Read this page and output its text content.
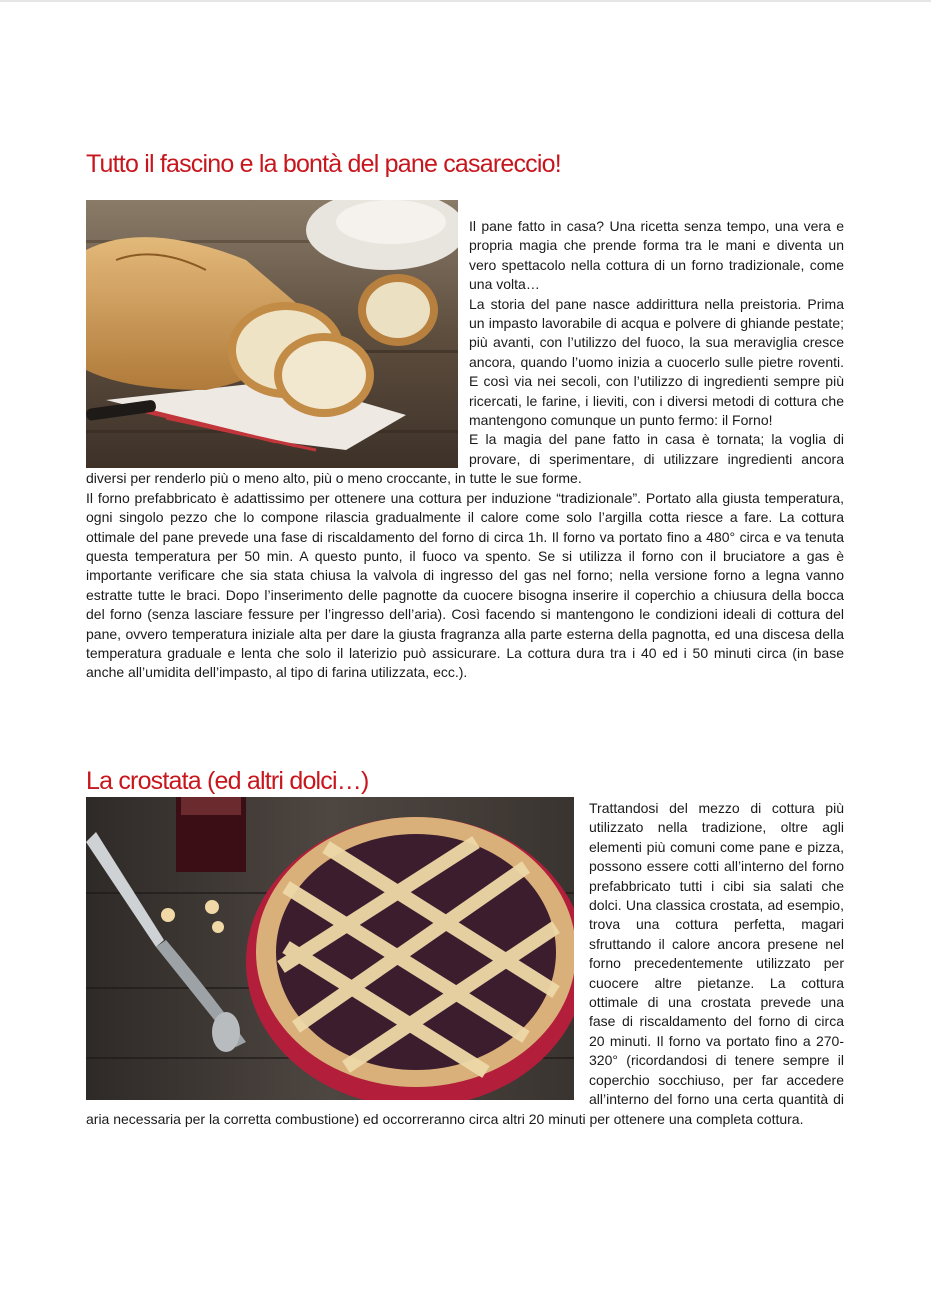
Tutto il fascino e la bontà del pane casareccio!

Il pane fatto in casa? Una ricetta senza tempo, una vera e propria magia che prende forma tra le mani e diventa un vero spettacolo nella cottura di un forno tradizionale, come una volta…

La storia del pane nasce addirittura nella preistoria. Prima un impasto lavorabile di acqua e polvere di ghiande pestate; più avanti, con l’utilizzo del fuoco, la sua meraviglia cresce ancora, quando l’uomo inizia a cuocerlo sulle pietre roventi. E così via nei secoli, con l’utilizzo di ingredienti sempre più ricercati, le farine, i lieviti, con i diversi metodi di cottura che mantengono comunque un punto fermo: il Forno!

E la magia del pane fatto in casa è tornata; la voglia di provare, di sperimentare, di utilizzare ingredienti ancora diversi per renderlo più o meno alto, più o meno croccante, in tutte le sue forme.

Il forno prefabbricato è adattissimo per ottenere una cottura per induzione “tradizionale”. Portato alla giusta temperatura, ogni singolo pezzo che lo compone rilascia gradualmente il calore come solo l’argilla cotta riesce a fare. La cottura ottimale del pane prevede una fase di riscaldamento del forno di circa 1h. Il forno va portato fino a 480° circa e va tenuta questa temperatura per 50 min. A questo punto, il fuoco va spento. Se si utilizza il forno con il bruciatore a gas è importante verificare che sia stata chiusa la valvola di ingresso del gas nel forno; nella versione forno a legna vanno estratte tutte le braci. Dopo l’inserimento delle pagnotte da cuocere bisogna inserire il coperchio a chiusura della bocca del forno (senza lasciare fessure per l’ingresso dell’aria). Così facendo si mantengono le condizioni ideali di cottura del pane, ovvero temperatura iniziale alta per dare la giusta fragranza alla parte esterna della pagnotta, ed una discesa della temperatura graduale e lenta che solo il laterizio può assicurare. La cottura dura tra i 40 ed i 50 minuti circa (in base anche all’umidita dell’impasto, al tipo di farina utilizzata, ecc.).

La crostata (ed altri dolci…)

Trattandosi del mezzo di cottura più utilizzato nella tradizione, oltre agli elementi più comuni come pane e pizza, possono essere cotti all’interno del forno prefabbricato tutti i cibi sia salati che dolci. Una classica crostata, ad esempio, trova una cottura perfetta, magari sfruttando il calore ancora presene nel forno precedentemente utilizzato per cuocere altre pietanze. La cottura ottimale di una crostata prevede una fase di riscaldamento del forno di circa 20 minuti. Il forno va portato fino a 270-320° (ricordandosi di tenere sempre il coperchio socchiuso, per far accedere all’interno del forno una certa quantità di aria necessaria per la corretta combustione) ed occorreranno circa altri 20 minuti per ottenere una completa cottura.
